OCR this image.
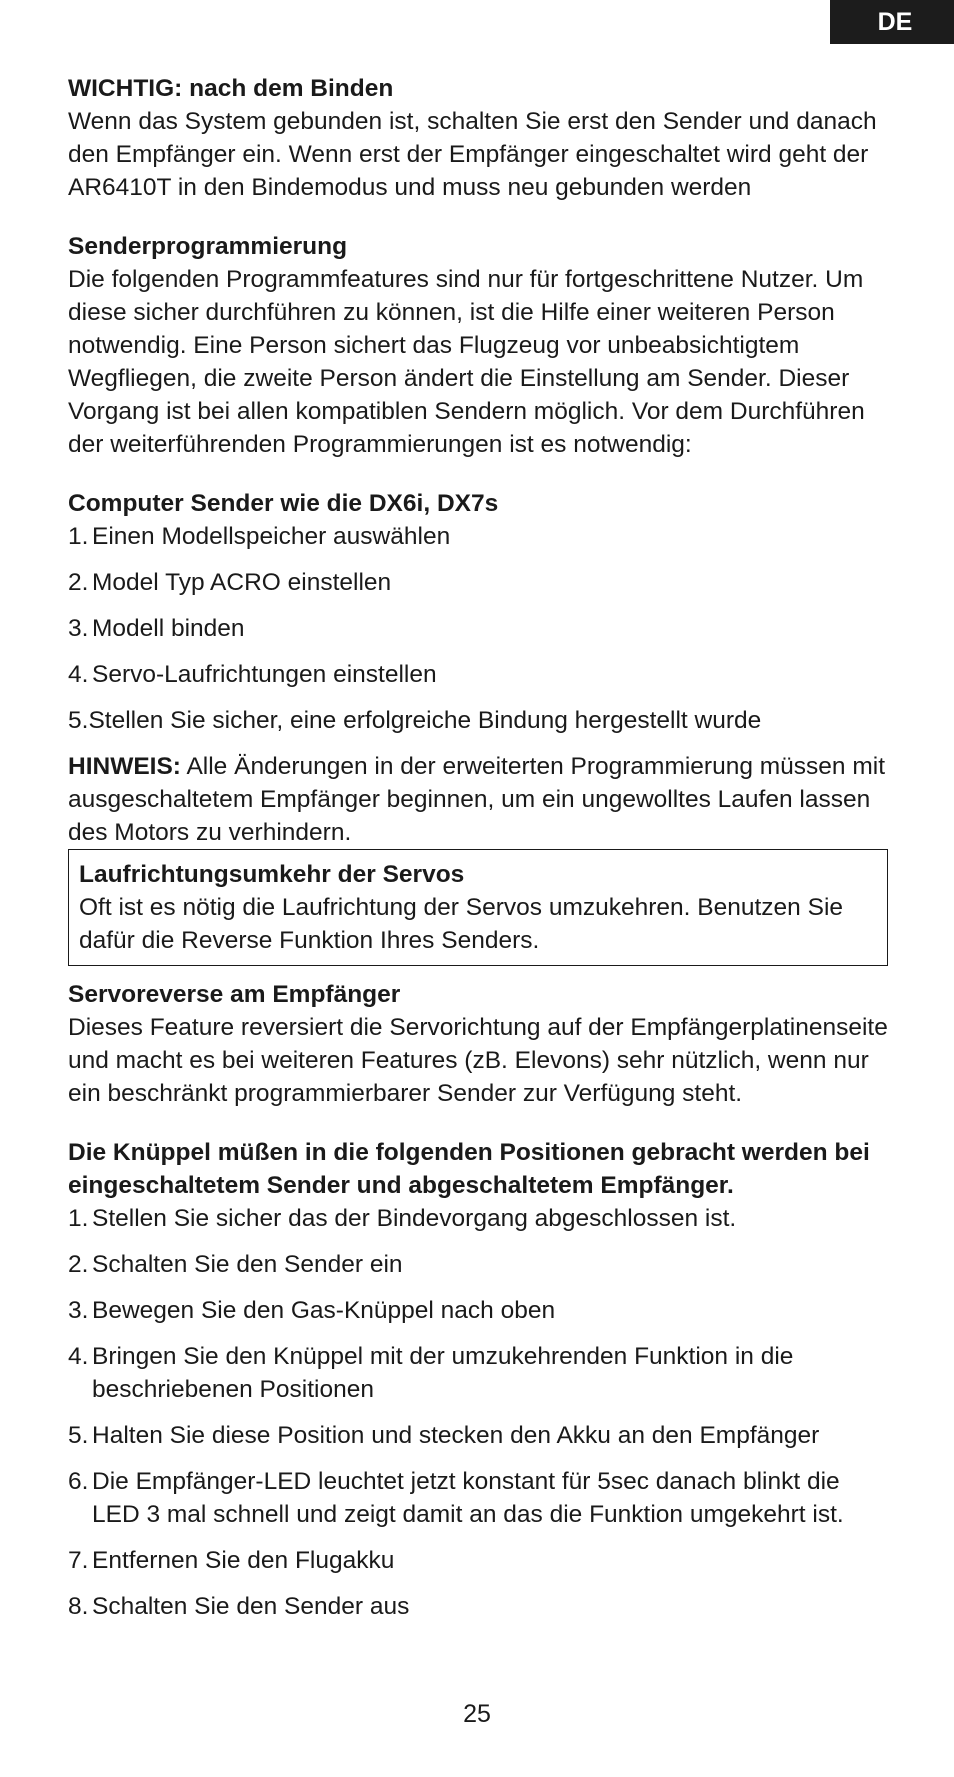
DE

WICHTIG: nach dem Binden

Wenn das System gebunden ist, schalten Sie erst den Sender und danach den Empfänger ein. Wenn erst der Empfänger eingeschaltet wird geht der AR6410T in den Bindemodus und muss neu gebunden werden

Senderprogrammierung

Die folgenden Programmfeatures sind nur für fortgeschrittene Nutzer. Um diese sicher durchführen zu können, ist die Hilfe einer weiteren Person notwendig. Eine Person sichert das Flugzeug vor unbeabsichtigtem Wegfliegen, die zweite Person ändert die Einstellung am Sender. Dieser Vorgang ist bei allen kompatiblen Sendern möglich. Vor dem Durchführen der weiterführenden Programmierungen ist es notwendig:

Computer Sender wie die DX6i, DX7s

1. Einen Modellspeicher auswählen
2. Model Typ ACRO einstellen
3. Modell binden
4. Servo-Laufrichtungen einstellen
5. Stellen Sie sicher, eine erfolgreiche Bindung hergestellt wurde

HINWEIS: Alle Änderungen in der erweiterten Programmierung müssen mit ausgeschaltetem Empfänger beginnen, um ein ungewolltes Laufen lassen des Motors zu verhindern.

Laufrichtungsumkehr der Servos

Oft ist es nötig die Laufrichtung der Servos umzukehren. Benutzen Sie dafür die Reverse Funktion Ihres Senders.

Servoreverse am Empfänger

Dieses Feature reversiert die Servorichtung auf der Empfängerplatinenseite und macht es bei weiteren Features (zB. Elevons) sehr nützlich, wenn nur ein beschränkt programmierbarer Sender zur Verfügung steht.

Die Knüppel müßen in die folgenden Positionen gebracht werden bei eingeschaltetem Sender und abgeschaltetem Empfänger.

1. Stellen Sie sicher das der Bindevorgang abgeschlossen ist.
2. Schalten Sie den Sender ein
3. Bewegen Sie den Gas-Knüppel nach oben
4. Bringen Sie den Knüppel mit der umzukehrenden Funktion in die beschriebenen Positionen
5. Halten Sie diese Position und stecken den Akku an den Empfänger
6. Die Empfänger-LED leuchtet jetzt konstant für 5sec danach blinkt die LED 3 mal schnell und zeigt damit an das die Funktion umgekehrt ist.
7. Entfernen Sie den Flugakku
8. Schalten Sie den Sender aus
25
